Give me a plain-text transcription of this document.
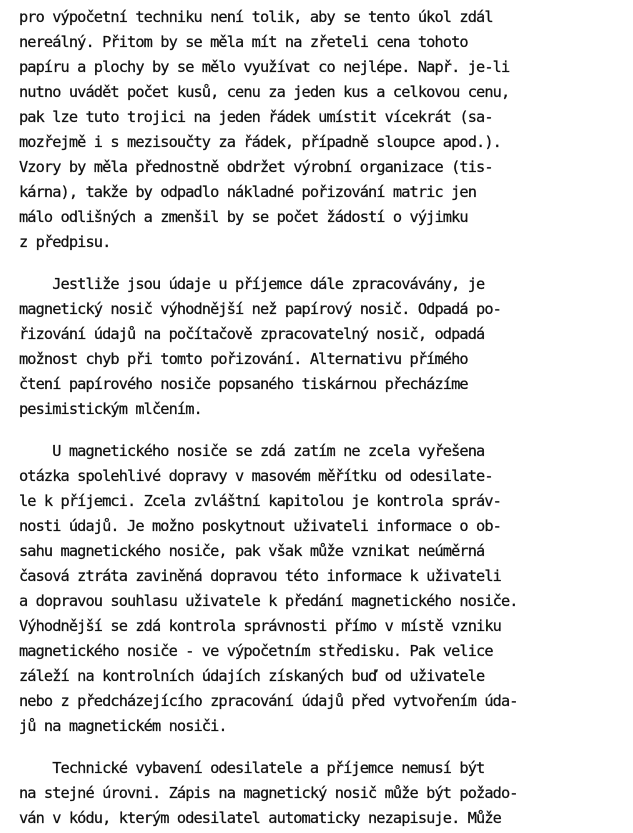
pro výpočetní techniku není tolik, aby se tento úkol zdál
nereálný. Přitom by se měla mít na zřeteli cena tohoto
papíru a plochy by se mělo využívat co nejlépe. Např. je-li
nutno uvádět počet kusů, cenu za jeden kus a celkovou cenu,
pak lze tuto trojici na jeden řádek umístit vícekrát (sa-
mozřejmě i s mezisoučty za řádek, případně sloupce apod.).
Vzory by měla přednostně obdržet výrobní organizace (tis-
kárna), takže by odpadlo nákladné pořizování matric jen
málo odlišných a zmenšil by se počet žádostí o výjimku
z předpisu.
Jestliže jsou údaje u příjemce dále zpracovávány, je
magnetický nosič výhodnější než papírový nosič. Odpadá po-
řizování údajů na počítačově zpracovatelný nosič, odpadá
možnost chyb při tomto pořizování. Alternativu přímého
čtení papírového nosiče popsaného tiskárnou přecházíme
pesimistickým mlčením.
U magnetického nosiče se zdá zatím ne zcela vyřešena
otázka spolehlivé dopravy v masovém měřítku od odesilate-
le k příjemci. Zcela zvláštní kapitolou je kontrola správ-
nosti údajů. Je možno poskytnout uživateli informace o ob-
sahu magnetického nosiče, pak však může vznikat neúměrná
časová ztráta zaviněná dopravou této informace k uživateli
a dopravou souhlasu uživatele k předání magnetického nosiče.
Výhodnější se zdá kontrola správnosti přímo v místě vzniku
magnetického nosiče - ve výpočetním středisku. Pak velice
záleží na kontrolních údajích získaných buď od uživatele
nebo z předcházejícího zpracování údajů před vytvořením úda-
jů na magnetickém nosiči.
Technické vybavení odesilatele a příjemce nemusí být
na stejné úrovni. Zápis na magnetický nosič může být požado-
ván v kódu, kterým odesilatel automaticky nezapisuje. Může
